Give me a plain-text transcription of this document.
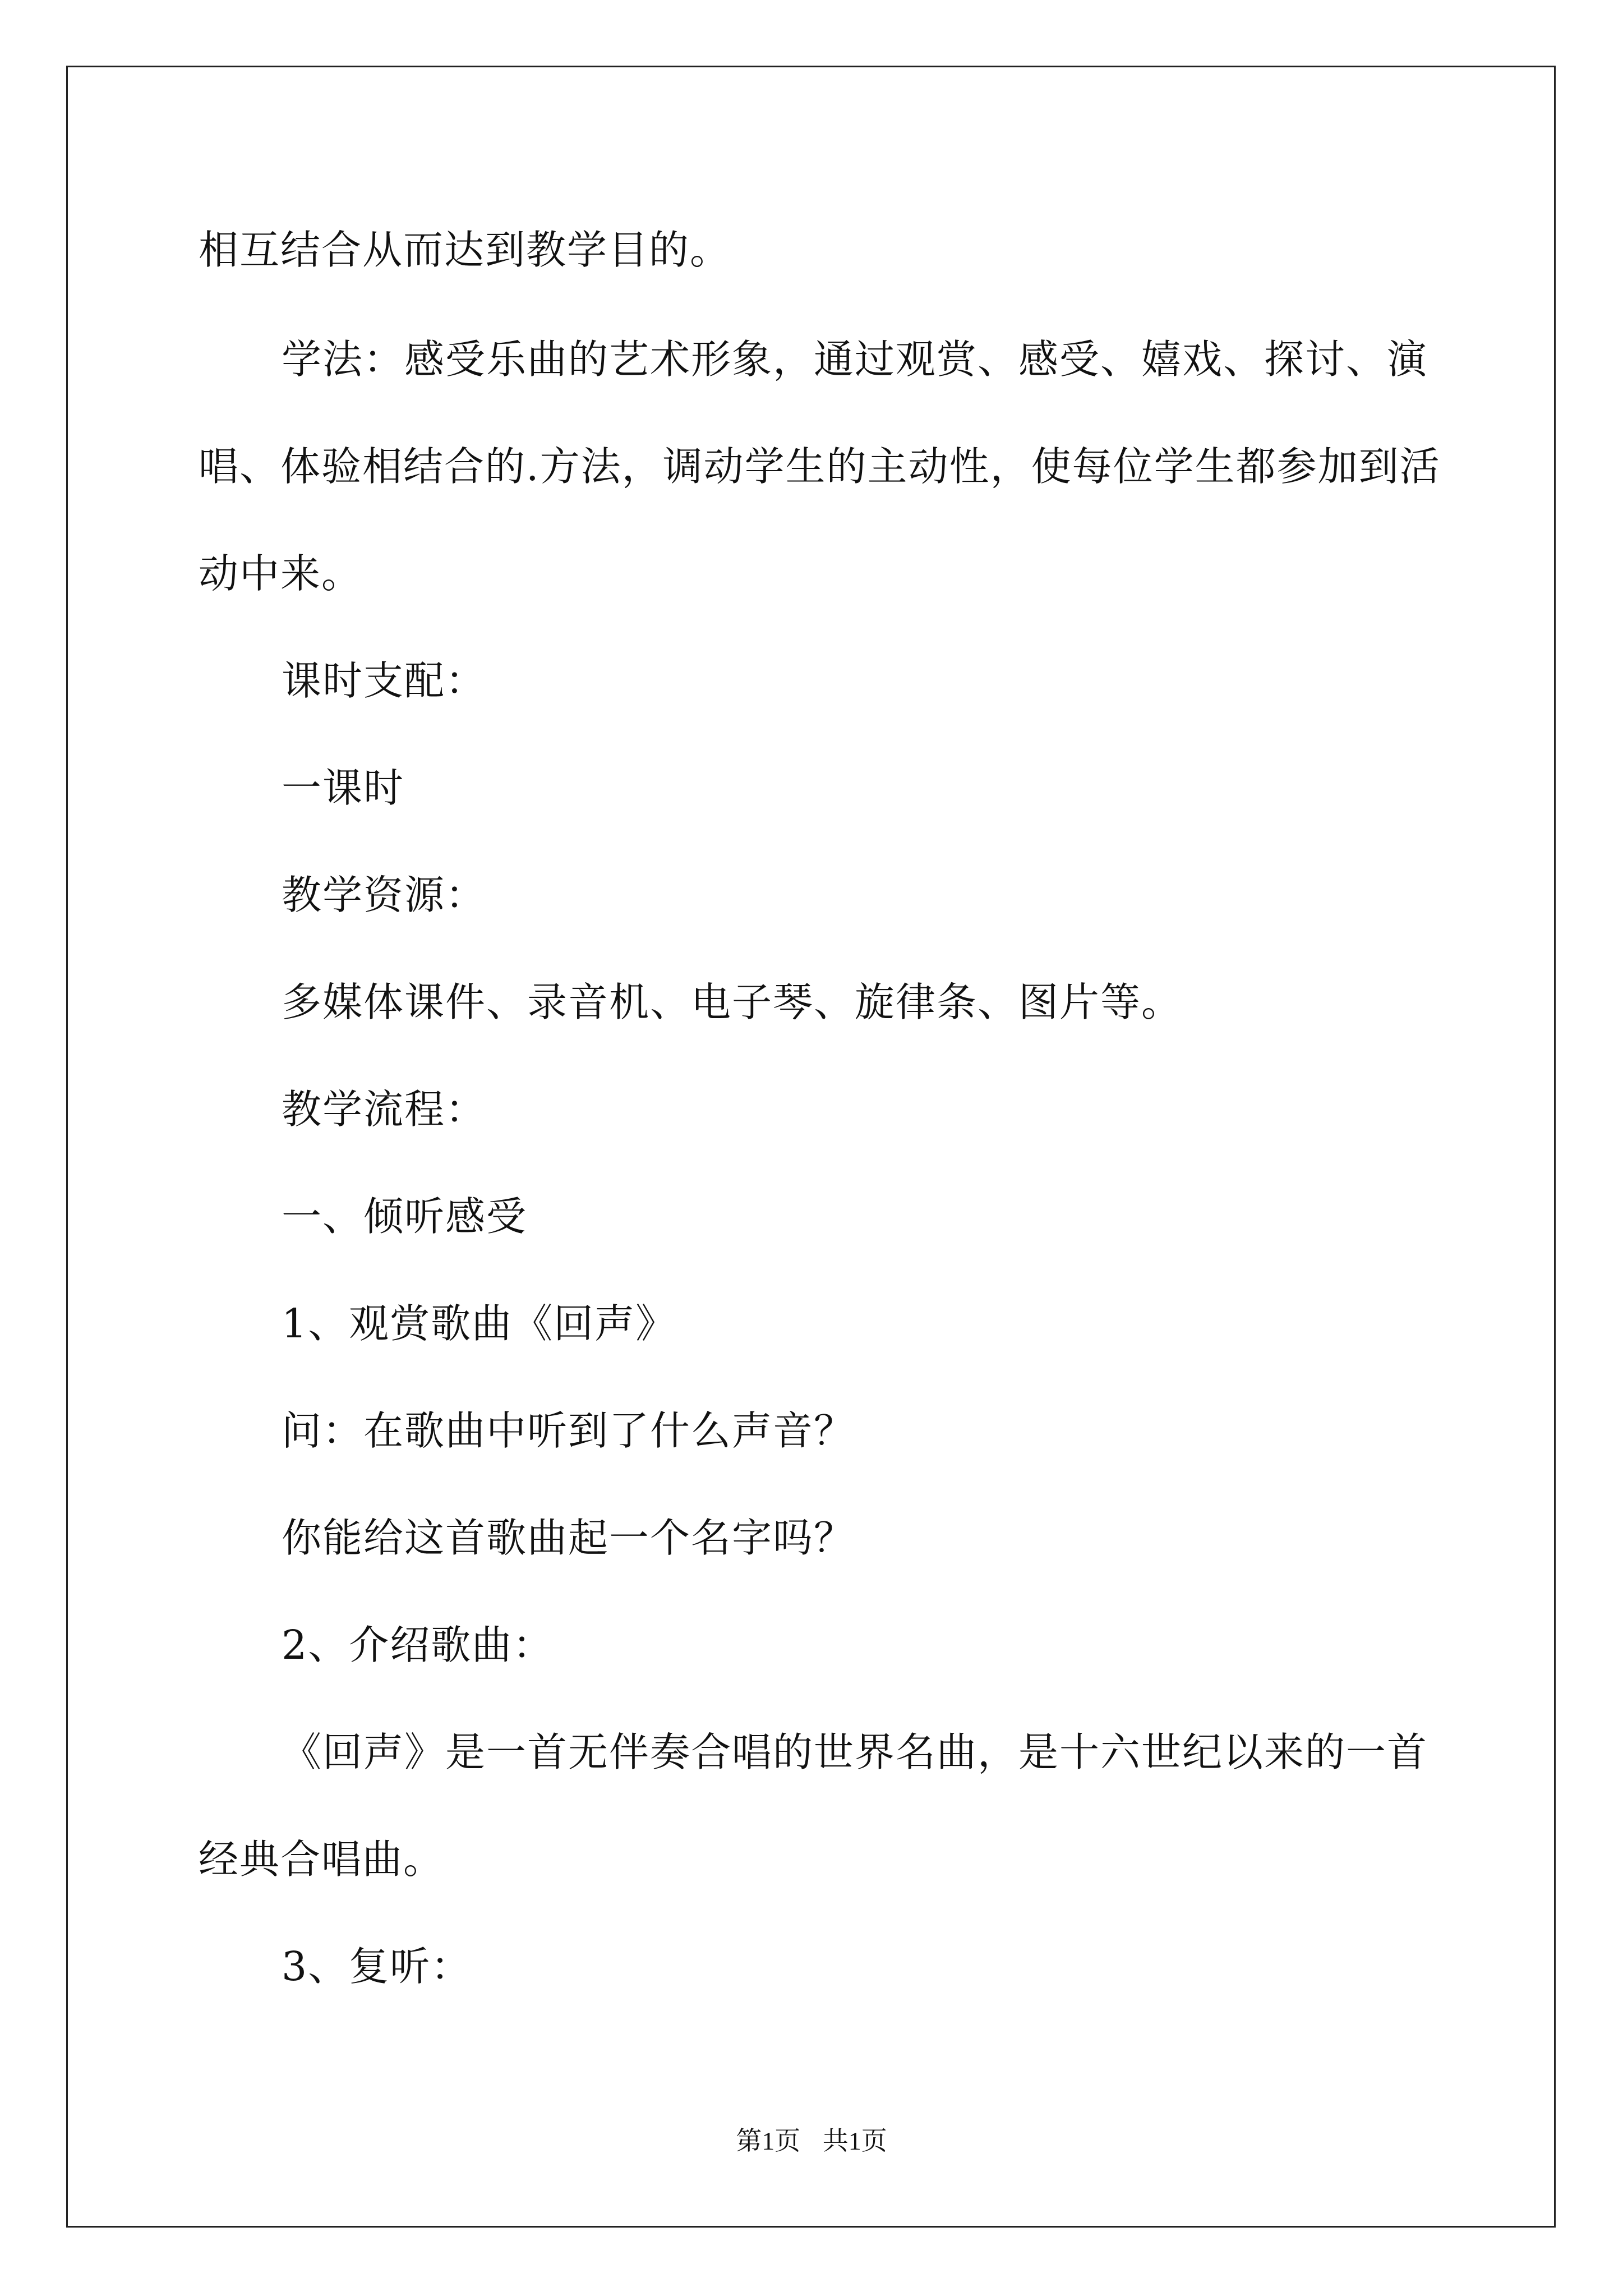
相互结合从而达到教学目的。
学法：感受乐曲的艺术形象，通过观赏、感受、嬉戏、探讨、演
唱、体验相结合的.方法，调动学生的主动性，使每位学生都参加到活
动中来。
课时支配：
一课时
教学资源：
多媒体课件、录音机、电子琴、旋律条、图片等。
教学流程：
一、倾听感受
1、观赏歌曲《回声》
问：在歌曲中听到了什么声音？
你能给这首歌曲起一个名字吗？
2、介绍歌曲：
《回声》是一首无伴奏合唱的世界名曲，是十六世纪以来的一首
经典合唱曲。
3、复听：
第1页 共1页
